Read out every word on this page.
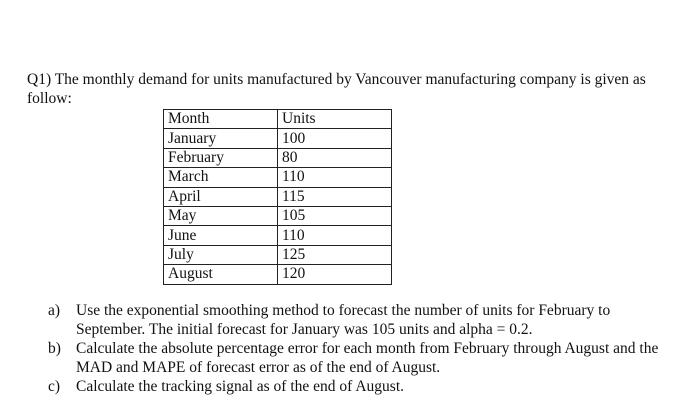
Q1) The monthly demand for units manufactured by Vancouver manufacturing company is given as follow:
Month	Units
January	100
February	80
March	110
April	115
May	105
June	110
July	125
August	120
a)	Use the exponential smoothing method to forecast the number of units for February to September. The initial forecast for January was 105 units and alpha = 0.2.
b) Calculate the absolute percentage error for each month from February through August and the MAD and MAPE of forecast error as of the end of August.
c)	Calculate the tracking signal as of the end of August.
